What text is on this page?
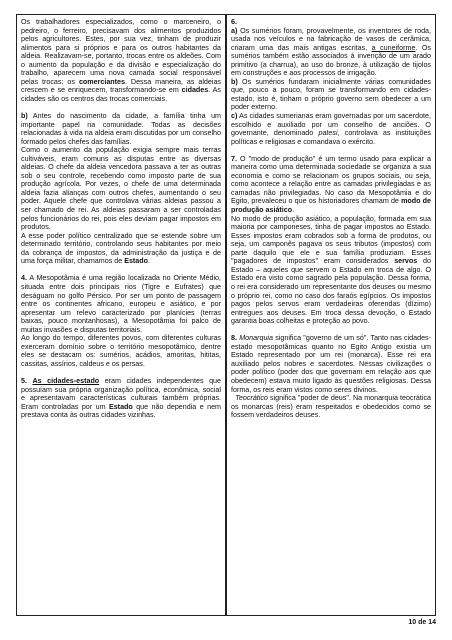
Os trabalhadores especializados, como o marceneiro, o pedreiro, o ferreiro, precisavam dos alimentos produzidos pelos agricultores. Estes, por sua vez, tinham de produzir alimentos para si próprios e para os outros habitantes da aldeia. Realizavam-se, portanto, trocas entre os aldeões. Com o aumento da população e da divisão e especialização do trabalho, aparecem uma nova camada social responsável pelas trocas: os comerciantes. Dessa maneira, as aldeias crescem e se enriquecem, transformando-se em cidades. As cidades são os centros das trocas comerciais.

b) Antes do nascimento da cidade, a família tinha um importante papel na comunidade. Todas as decisões relacionadas à vida na aldeia eram discutidas por um conselho formado pelos chefes das famílias.

Como o aumento da população exigia sempre mais terras cultiváveis, eram comuns as disputas entre as diversas aldeias. O chefe da aldeia vencedora passava a ter as outras sob o seu controle, recebendo como imposto parte de sua produção agrícola. Por vezes, o chefe de uma determinada aldeia fazia alianças com outros chefes, aumentando o seu poder. Aquele chefe que controlava várias aldeias passou a ser chamado de rei. As aldeias passaram a ser controladas pelos funcionários do rei, pois eles deviam pagar impostos em produtos.

A esse poder político centralizado que se estende sobre um determinado território, controlando seus habitantes por meio da cobrança de impostos, da administração da justiça e de uma força militar, chamamos de Estado.

4. A Mesopotâmia é uma região localizada no Oriente Médio, situada entre dois principais rios (Tigre e Eufrates) que deságuam no golfo Pérsico. Por ser um ponto de passagem entre os continentes africano, europeu e asiático, e por apresentar um relevo caracterizado por planícies (terras baixas, pouco montanhosas), a Mesopotâmia foi palco de muitas invasões e disputas territoriais.

Ao longo do tempo, diferentes povos, com diferentes culturas exerceram domínio sobre o território mesopotâmico, dentre eles se destacam os: sumérios, acádios, amoritas, hititas, cassitas, assírios, caldeus e os persas.

5. As cidades-estado eram cidades independentes que possuíam sua própria organização política, econômica, social e apresentavam características culturais também próprias. Eram controladas por um Estado que não dependia e nem prestava conta às outras cidades vizinhas.

6.

a) Os sumérios foram, provavelmente, os inventores de roda, usada nos veículos e na fabricação de vasos de cerâmica, criaram uma das mais antigas escritas, a cuneiforme. Os sumérios também estão associados à invenção de um arado primitivo (a charrua), ao uso do bronze, à utilização de tijolos em construções e aos processos de irrigação.

b) Os sumérios fundaram inicialmente várias comunidades que, pouco a pouco, foram se transformando em cidades-estado, isto é, tinham o próprio governo sem obedecer a um poder externo.

c) As cidades sumerianas eram governadas por um sacerdote, escolhido e auxiliado por um conselho de anciões. O governante, denominado patesi, controlava as instituições políticas e religiosas e comandava o exército.

7. O "modo de produção" é um termo usado para explicar a maneira como uma determinada sociedade se organiza a sua economia e como se relacionam os grupos sociais, ou seja, como acontece a relação entre as camadas privilegiadas e as camadas não privilegiadas. No caso da Mesopotâmia e do Egito, prevaleceu o que os historiadores chamam de modo de produção asiático.

No modo de produção asiático, a população, formada em sua maioria por camponeses, tinha de pagar impostos ao Estado. Esses impostos eram cobrados sob a forma de produtos, ou seja, um camponês pagava os seus tributos (impostos) com parte daquilo que ele e sua família produziam. Esses "pagadores de impostos" eram considerados servos do Estado – aqueles que servem o Estado em troca de algo. O Estado era visto como sagrado pela população. Dessa forma, o rei era considerado um representante dos deuses ou mesmo o próprio rei, como no caso dos faraós egípcios. Os impostos pagos pelos servos eram verdadeiras oferendas (dízimo) entregues aos deuses. Em troca dessa devoção, o Estado garantia boas colheitas e proteção ao povo.

8. Monarquia significa "governo de um só". Tanto nas cidades-estado mesopotâmicas quanto no Egito Antigo existia um Estado representado por um rei (monarca). Esse rei era auxiliado pelos nobres e sacerdotes. Nessas civilizações o poder político (poder dos que governam em relação aos que obedecem) estava muito ligado às questões religiosas. Dessa forma, os reis eram vistos como seres divinos.

Teocrático significa "poder de deus". Na monarquia teocrática os monarcas (reis) eram respeitados e obedecidos como se fossem verdadeiros deuses.

10 de 14
